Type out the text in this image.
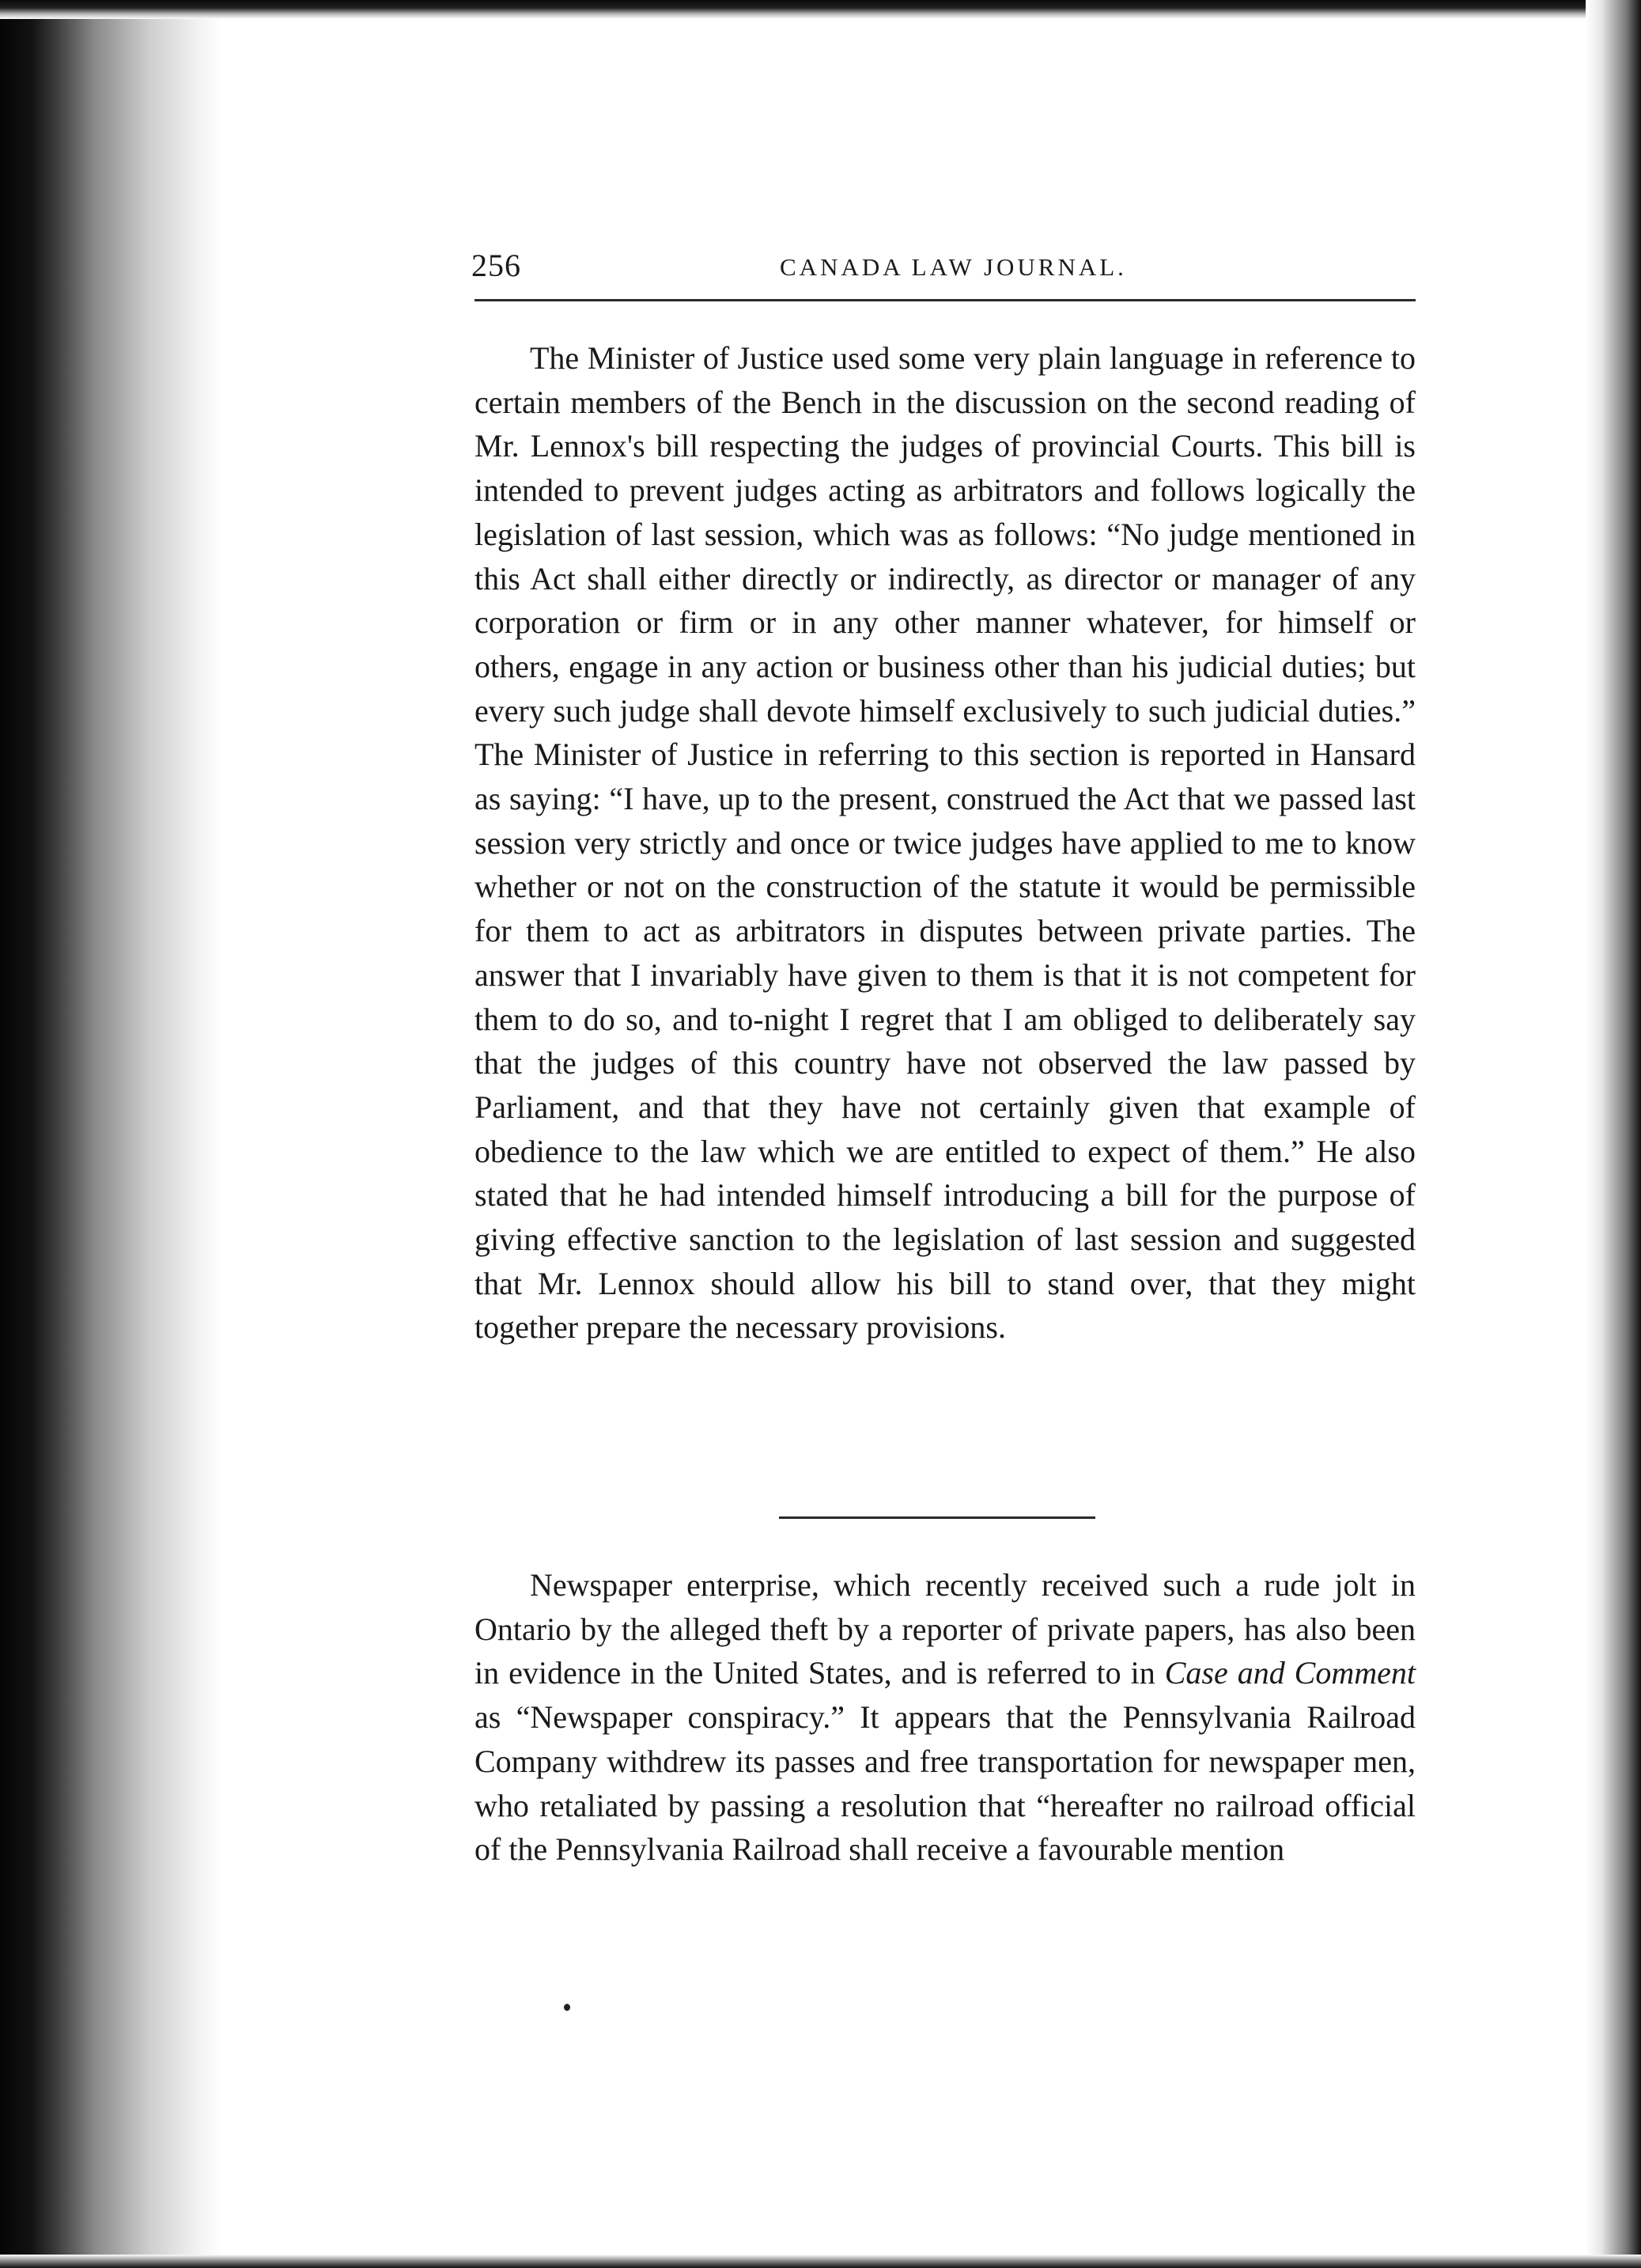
256	CANADA LAW JOURNAL.

The Minister of Justice used some very plain language in reference to certain members of the Bench in the discussion on the second reading of Mr. Lennox's bill respecting the judges of provincial Courts. This bill is intended to prevent judges acting as arbitrators and follows logically the legislation of last session, which was as follows: “No judge mentioned in this Act shall either directly or indirectly, as director or manager of any corporation or firm or in any other manner whatever, for himself or others, engage in any action or business other than his judicial duties; but every such judge shall devote himself exclusively to such judicial duties.” The Minister of Justice in referring to this section is reported in Hansard as saying: “I have, up to the present, construed the Act that we passed last session very strictly and once or twice judges have applied to me to know whether or not on the construction of the statute it would be permissible for them to act as arbitrators in disputes between private parties. The answer that I invariably have given to them is that it is not competent for them to do so, and to-night I regret that I am obliged to deliberately say that the judges of this country have not observed the law passed by Parliament, and that they have not certainly given that example of obedience to the law which we are entitled to expect of them.” He also stated that he had intended himself introducing a bill for the purpose of giving effective sanction to the legislation of last session and suggested that Mr. Lennox should allow his bill to stand over, that they might together prepare the necessary provisions.

Newspaper enterprise, which recently received such a rude jolt in Ontario by the alleged theft by a reporter of private papers, has also been in evidence in the United States, and is referred to in Case and Comment as “Newspaper conspiracy.” It appears that the Pennsylvania Railroad Company withdrew its passes and free transportation for newspaper men, who retaliated by passing a resolution that “hereafter no railroad official of the Pennsylvania Railroad shall receive a favourable mention
